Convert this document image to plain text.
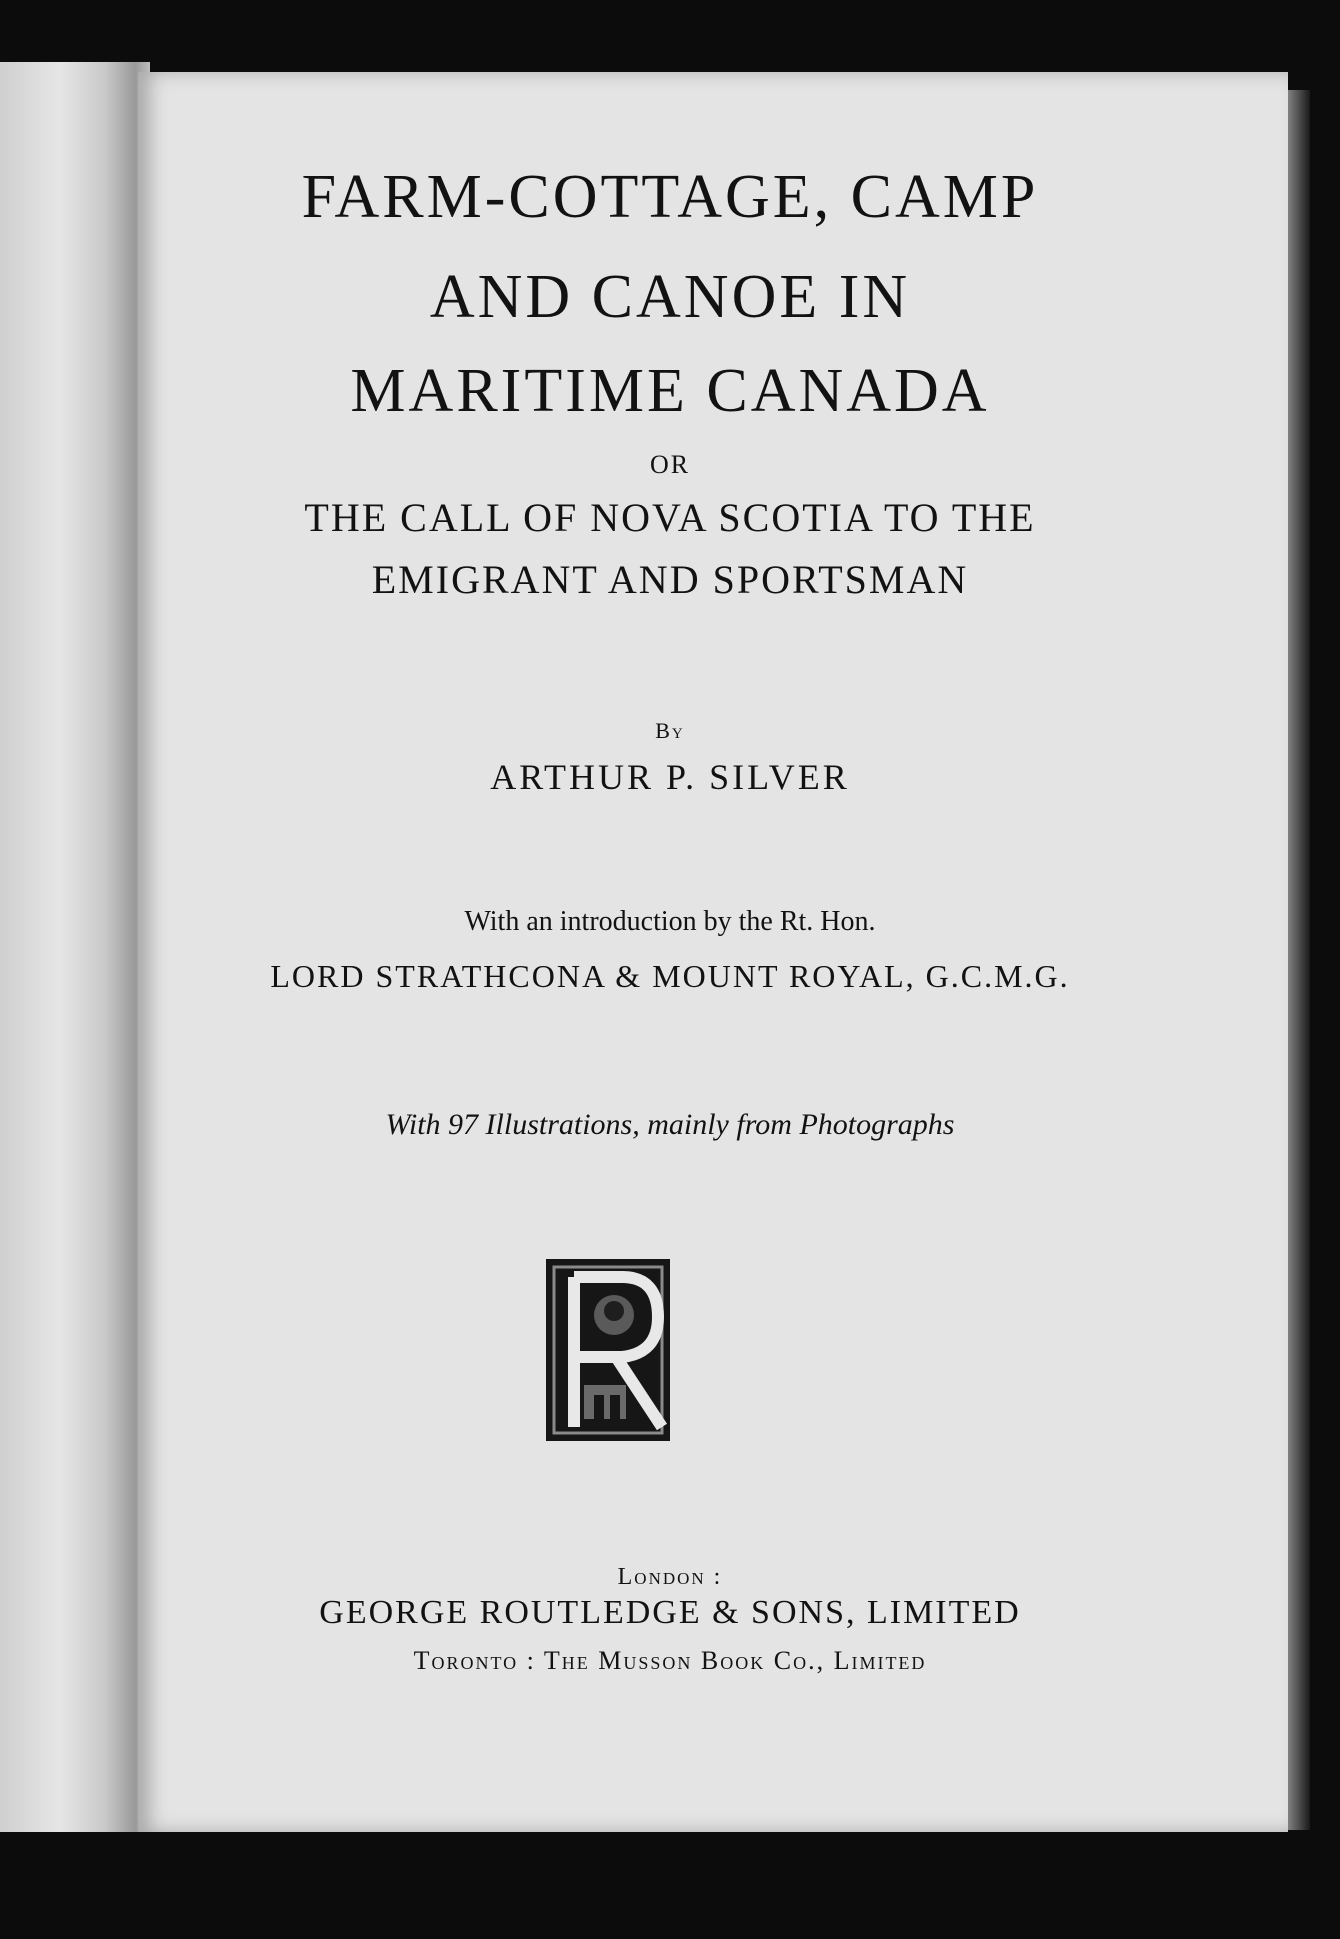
FARM-COTTAGE, CAMP
AND CANOE IN
MARITIME CANADA
OR
THE CALL OF NOVA SCOTIA TO THE
EMIGRANT AND SPORTSMAN
By
ARTHUR P. SILVER
With an introduction by the Rt. Hon.
LORD STRATHCONA & MOUNT ROYAL, G.C.M.G.
With 97 Illustrations, mainly from Photographs
London :
GEORGE ROUTLEDGE & SONS, LIMITED
Toronto : The Musson Book Co., Limited
